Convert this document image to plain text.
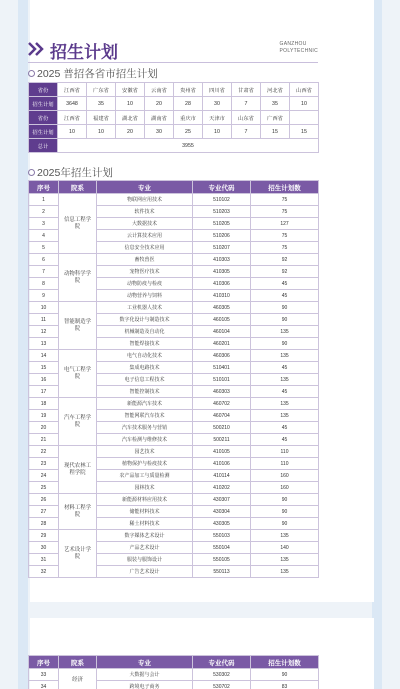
招生计划	GANZHOU
POLYTECHNIC
2025 普招各省市招生计划
省份	江西省	广东省	安徽省	云南省	贵州省	四川省	甘肃省	河北省	山西省
招生计划	3648	35	10	20	28	30	7	35	10
省份	江西省	福建省	湖北省	湖南省	重庆市	天津市	山东省	广西省	
招生计划	10	10	20	30	25	10	7	15	15
总计	3955								
2025年招生计划
序号	院系	专业	专业代码	招生计划数
1	信息工程学院	物联网应用技术	510102	75
2		软件技术	510203	75
3		大数据技术	510205	127
4		云计算技术应用	510206	75
5		信息安全技术应用	510207	75
6	动物科学学院	畜牧兽医	410303	92
7		宠物医疗技术	410305	92
8		动物防疫与检疫	410306	45
9		动物营养与饲料	410310	45
10	智能制造学院	工业机器人技术	460305	90
11		数字化设计与制造技术	460105	90
12		机械制造及自动化	460104	135
13		智能焊接技术	460201	90
14	电气工程学院	电气自动化技术	460306	135
15		集成电路技术	510401	45
16		电子信息工程技术	510101	135
17		智能控制技术	460303	45
18	汽车工程学院	新能源汽车技术	460702	135
19		智能网联汽车技术	460704	135
20		汽车技术服务与营销	500210	45
21		汽车检测与维修技术	500211	45
22	现代农林工程学院	园艺技术	410105	110
23		植物保护与检疫技术	410106	110
24		农产品加工与质量检测	410114	160
25		园林技术	410202	160
26	材料工程学院	新能源材料应用技术	430307	90
27		储能材料技术	430304	90
28		稀土材料技术	430305	90
29	艺术设计学院	数字媒体艺术设计	550103	135
30		产品艺术设计	550104	140
31		服装与服饰设计	550105	135
32		广告艺术设计	550113	135
序号	院系	专业	专业代码	招生计划数
33	经济	大数据与会计	530302	90
34		跨境电子商务	530702	83
